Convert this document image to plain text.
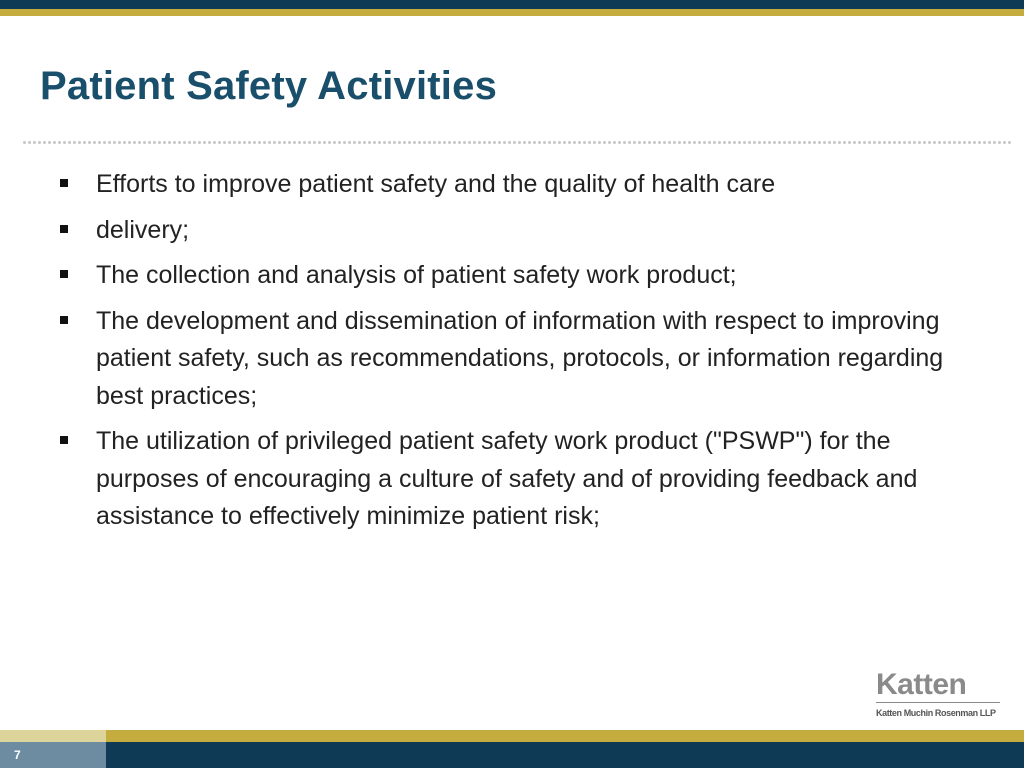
Patient Safety Activities
Efforts to improve patient safety and the quality of health care
delivery;
The collection and analysis of patient safety work product;
The development and dissemination of information with respect to improving patient safety, such as recommendations, protocols, or information regarding best practices;
The utilization of privileged patient safety work product ("PSWP") for the purposes of encouraging a culture of safety and of providing feedback and assistance to effectively minimize patient risk;
Katten
Katten Muchin Rosenman LLP
7
